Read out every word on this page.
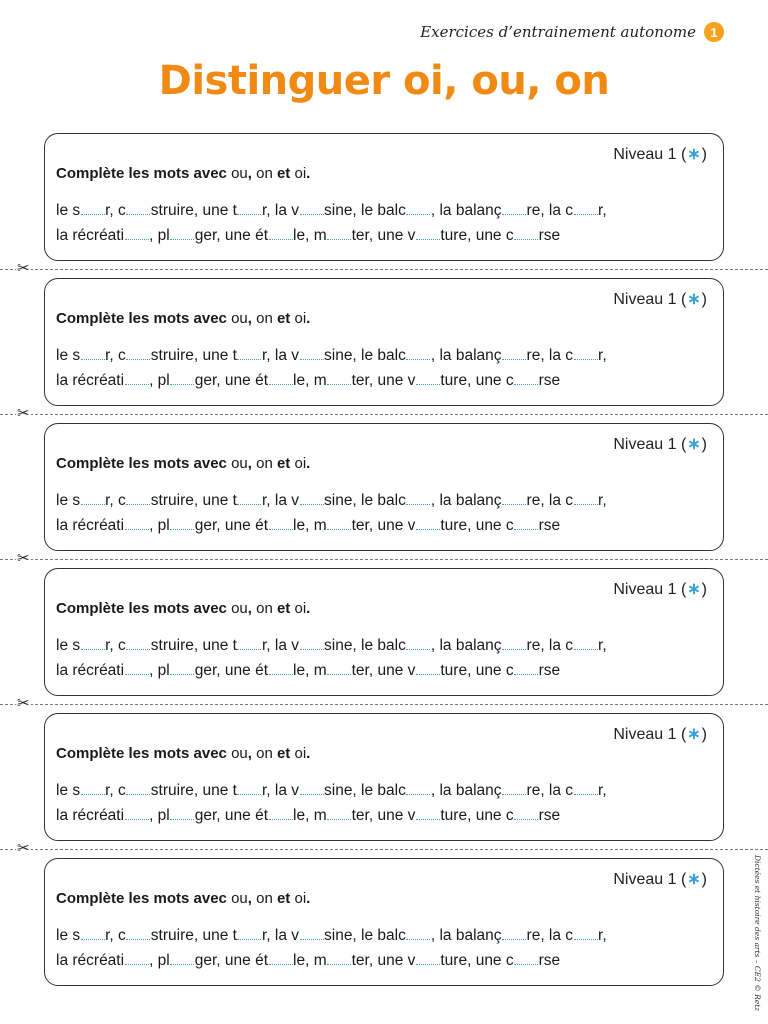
Exercices d’entrainement autonome	1
Distinguer oi, ou, on
Niveau 1 (∗)
Complète les mots avec ou, on et oi.
le s r, c struire, une t r, la v sine, le balc , la balanç re, la c r,
la récréati , pl ger, une ét le, m ter, une v ture, une c rse
✂
Niveau 1 (∗)
Complète les mots avec ou, on et oi.
le s r, c struire, une t r, la v sine, le balc , la balanç re, la c r,
la récréati , pl ger, une ét le, m ter, une v ture, une c rse
✂
Niveau 1 (∗)
Complète les mots avec ou, on et oi.
le s r, c struire, une t r, la v sine, le balc , la balanç re, la c r,
la récréati , pl ger, une ét le, m ter, une v ture, une c rse
✂
Niveau 1 (∗)
Complète les mots avec ou, on et oi.
le s r, c struire, une t r, la v sine, le balc , la balanç re, la c r,
la récréati , pl ger, une ét le, m ter, une v ture, une c rse
✂
Niveau 1 (∗)
Complète les mots avec ou, on et oi.
le s r, c struire, une t r, la v sine, le balc , la balanç re, la c r,
la récréati , pl ger, une ét le, m ter, une v ture, une c rse
✂
Niveau 1 (∗)
Complète les mots avec ou, on et oi.
le s r, c struire, une t r, la v sine, le balc , la balanç re, la c r,
la récréati , pl ger, une ét le, m ter, une v ture, une c rse	Dictées et histoire des arts – CE2 © Retz
